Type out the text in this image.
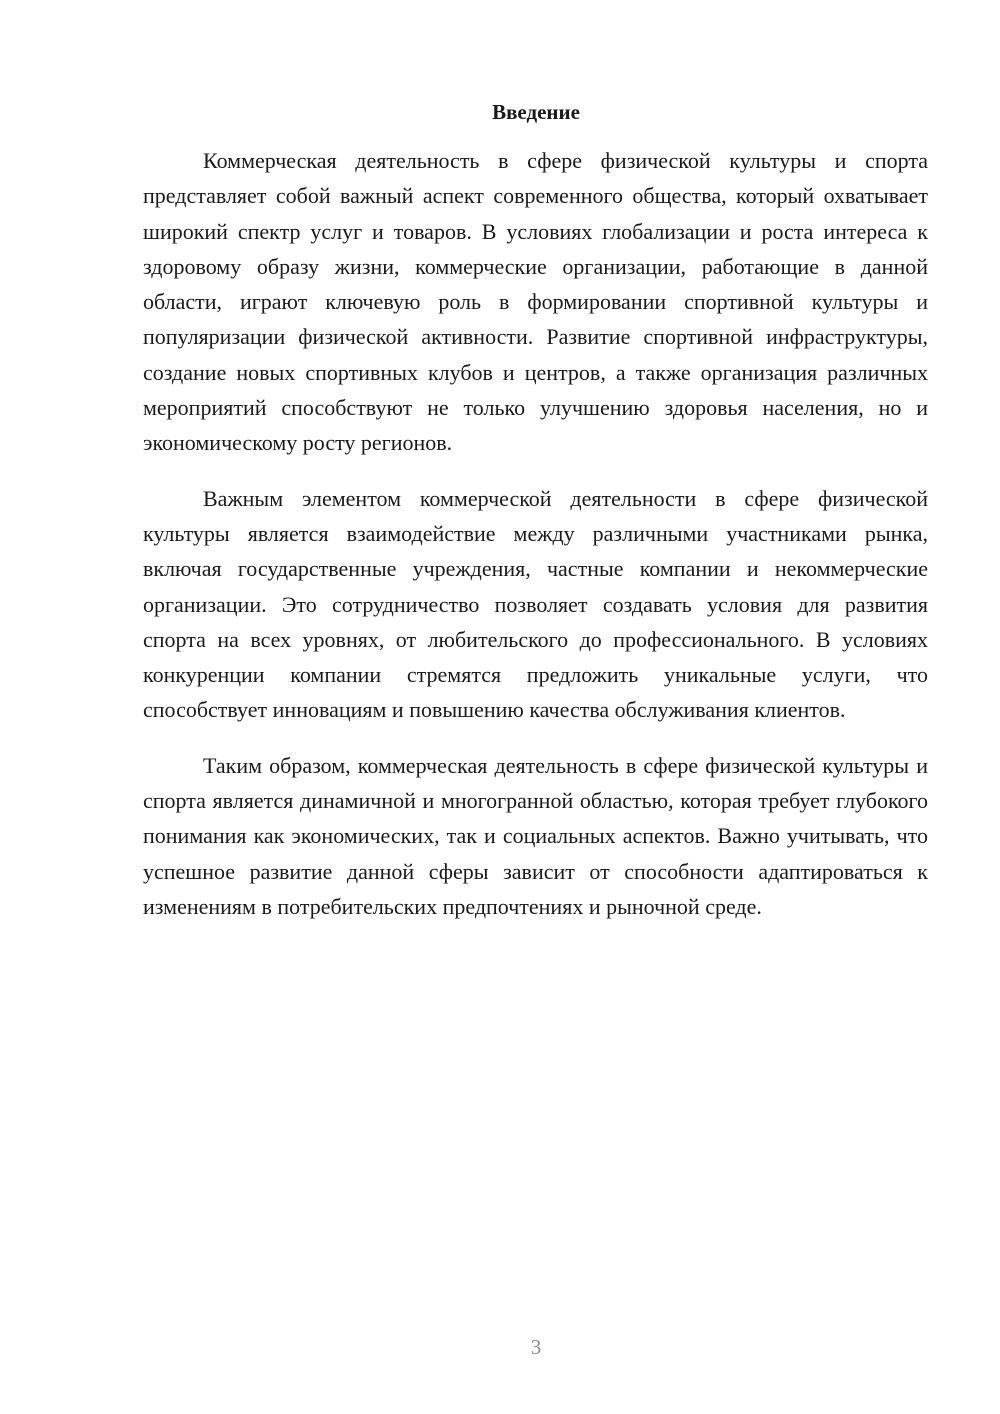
Введение

Коммерческая деятельность в сфере физической культуры и спорта представляет собой важный аспект современного общества, который охватывает широкий спектр услуг и товаров. В условиях глобализации и роста интереса к здоровому образу жизни, коммерческие организации, работающие в данной области, играют ключевую роль в формировании спортивной культуры и популяризации физической активности. Развитие спортивной инфраструктуры, создание новых спортивных клубов и центров, а также организация различных мероприятий способствуют не только улучшению здоровья населения, но и экономическому росту регионов.

Важным элементом коммерческой деятельности в сфере физической культуры является взаимодействие между различными участниками рынка, включая государственные учреждения, частные компании и некоммерческие организации. Это сотрудничество позволяет создавать условия для развития спорта на всех уровнях, от любительского до профессионального. В условиях конкуренции компании стремятся предложить уникальные услуги, что способствует инновациям и повышению качества обслуживания клиентов.

Таким образом, коммерческая деятельность в сфере физической культуры и спорта является динамичной и многогранной областью, которая требует глубокого понимания как экономических, так и социальных аспектов. Важно учитывать, что успешное развитие данной сферы зависит от способности адаптироваться к изменениям в потребительских предпочтениях и рыночной среде.

3
